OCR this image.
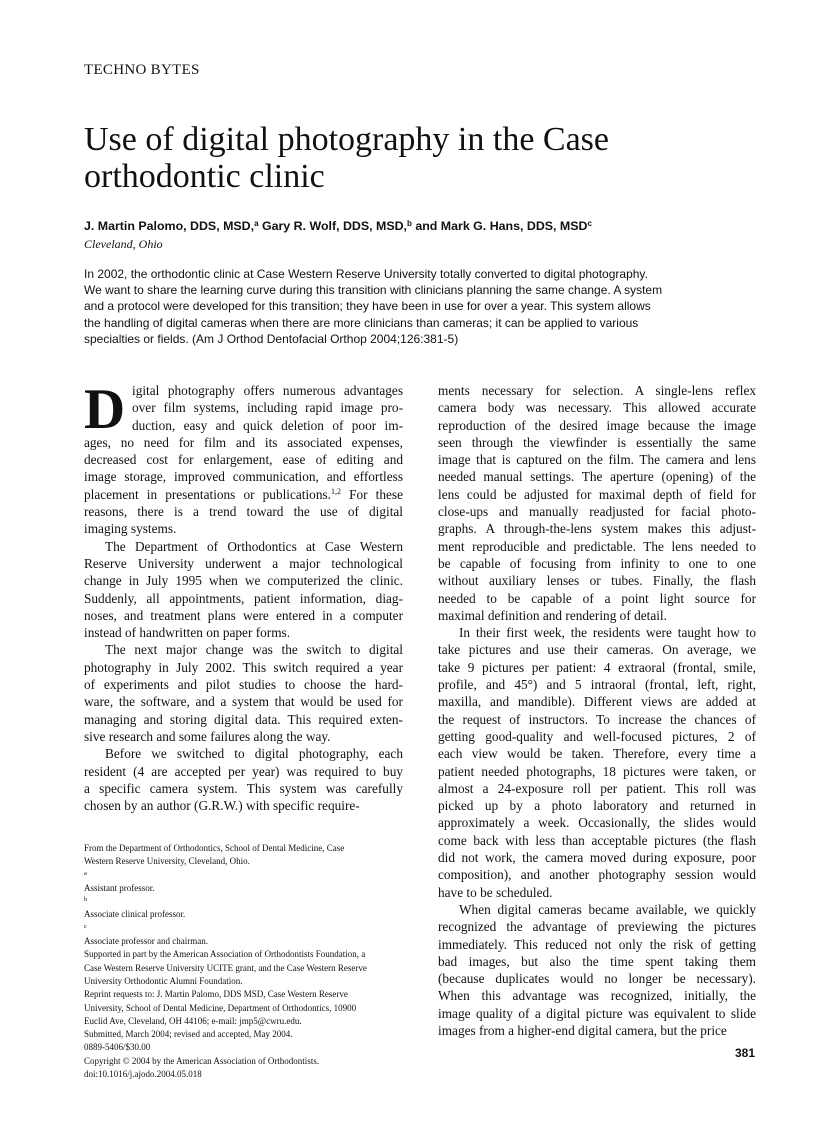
TECHNO BYTES
Use of digital photography in the Case
orthodontic clinic
J. Martin Palomo, DDS, MSD,$^a$ Gary R. Wolf, DDS, MSD,$^b$ and Mark G. Hans, DDS, MSD$^c$
Cleveland, Ohio
In 2002, the orthodontic clinic at Case Western Reserve University totally converted to digital photography.
We want to share the learning curve during this transition with clinicians planning the same change. A system
and a protocol were developed for this transition; they have been in use for over a year. This system allows
the handling of digital cameras when there are more clinicians than cameras; it can be applied to various
specialties or fields. (Am J Orthod Dentofacial Orthop 2004;126:381-5)
D igital photography offers numerous advantages
over film systems, including rapid image pro-
duction, easy and quick deletion of poor im-
ages, no need for film and its associated expenses,
decreased cost for enlargement, ease of editing and
image storage, improved communication, and effortless
placement in presentations or publications.$^{1,2}$ For these
reasons, there is a trend toward the use of digital
imaging systems.
The Department of Orthodontics at Case Western
Reserve University underwent a major technological
change in July 1995 when we computerized the clinic.
Suddenly, all appointments, patient information, diag-
noses, and treatment plans were entered in a computer
instead of handwritten on paper forms.
The next major change was the switch to digital
photography in July 2002. This switch required a year
of experiments and pilot studies to choose the hard-
ware, the software, and a system that would be used for
managing and storing digital data. This required exten-
sive research and some failures along the way.
Before we switched to digital photography, each
resident (4 are accepted per year) was required to buy
a specific camera system. This system was carefully
chosen by an author (G.R.W.) with specific require-
ments necessary for selection. A single-lens reflex
camera body was necessary. This allowed accurate
reproduction of the desired image because the image
seen through the viewfinder is essentially the same
image that is captured on the film. The camera and lens
needed manual settings. The aperture (opening) of the
lens could be adjusted for maximal depth of field for
close-ups and manually readjusted for facial photo-
graphs. A through-the-lens system makes this adjust-
ment reproducible and predictable. The lens needed to
be capable of focusing from infinity to one to one
without auxiliary lenses or tubes. Finally, the flash
needed to be capable of a point light source for
maximal definition and rendering of detail.
In their first week, the residents were taught how to
take pictures and use their cameras. On average, we
take 9 pictures per patient: 4 extraoral (frontal, smile,
profile, and 45°) and 5 intraoral (frontal, left, right,
maxilla, and mandible). Different views are added at
the request of instructors. To increase the chances of
getting good-quality and well-focused pictures, 2 of
each view would be taken. Therefore, every time a
patient needed photographs, 18 pictures were taken, or
almost a 24-exposure roll per patient. This roll was
picked up by a photo laboratory and returned in
approximately a week. Occasionally, the slides would
come back with less than acceptable pictures (the flash
did not work, the camera moved during exposure, poor
composition), and another photography session would
have to be scheduled.
When digital cameras became available, we quickly
recognized the advantage of previewing the pictures
immediately. This reduced not only the risk of getting
bad images, but also the time spent taking them
(because duplicates would no longer be necessary).
When this advantage was recognized, initially, the
image quality of a digital picture was equivalent to slide
images from a higher-end digital camera, but the price
From the Department of Orthodontics, School of Dental Medicine, Case
Western Reserve University, Cleveland, Ohio.
$^a$
Assistant professor.
$^b$
Associate clinical professor.
$^c$
Associate professor and chairman.
Supported in part by the American Association of Orthodontists Foundation, a
Case Western Reserve University UCITE grant, and the Case Western Reserve
University Orthodontic Alumni Foundation.
Reprint requests to: J. Martin Palomo, DDS MSD, Case Western Reserve
University, School of Dental Medicine, Department of Orthodontics, 10900
Euclid Ave, Cleveland, OH 44106; e-mail: jmp5@cwru.edu.
Submitted, March 2004; revised and accepted, May 2004.
0889-5406/$30.00
Copyright © 2004 by the American Association of Orthodontists.
doi:10.1016/j.ajodo.2004.05.018
381
